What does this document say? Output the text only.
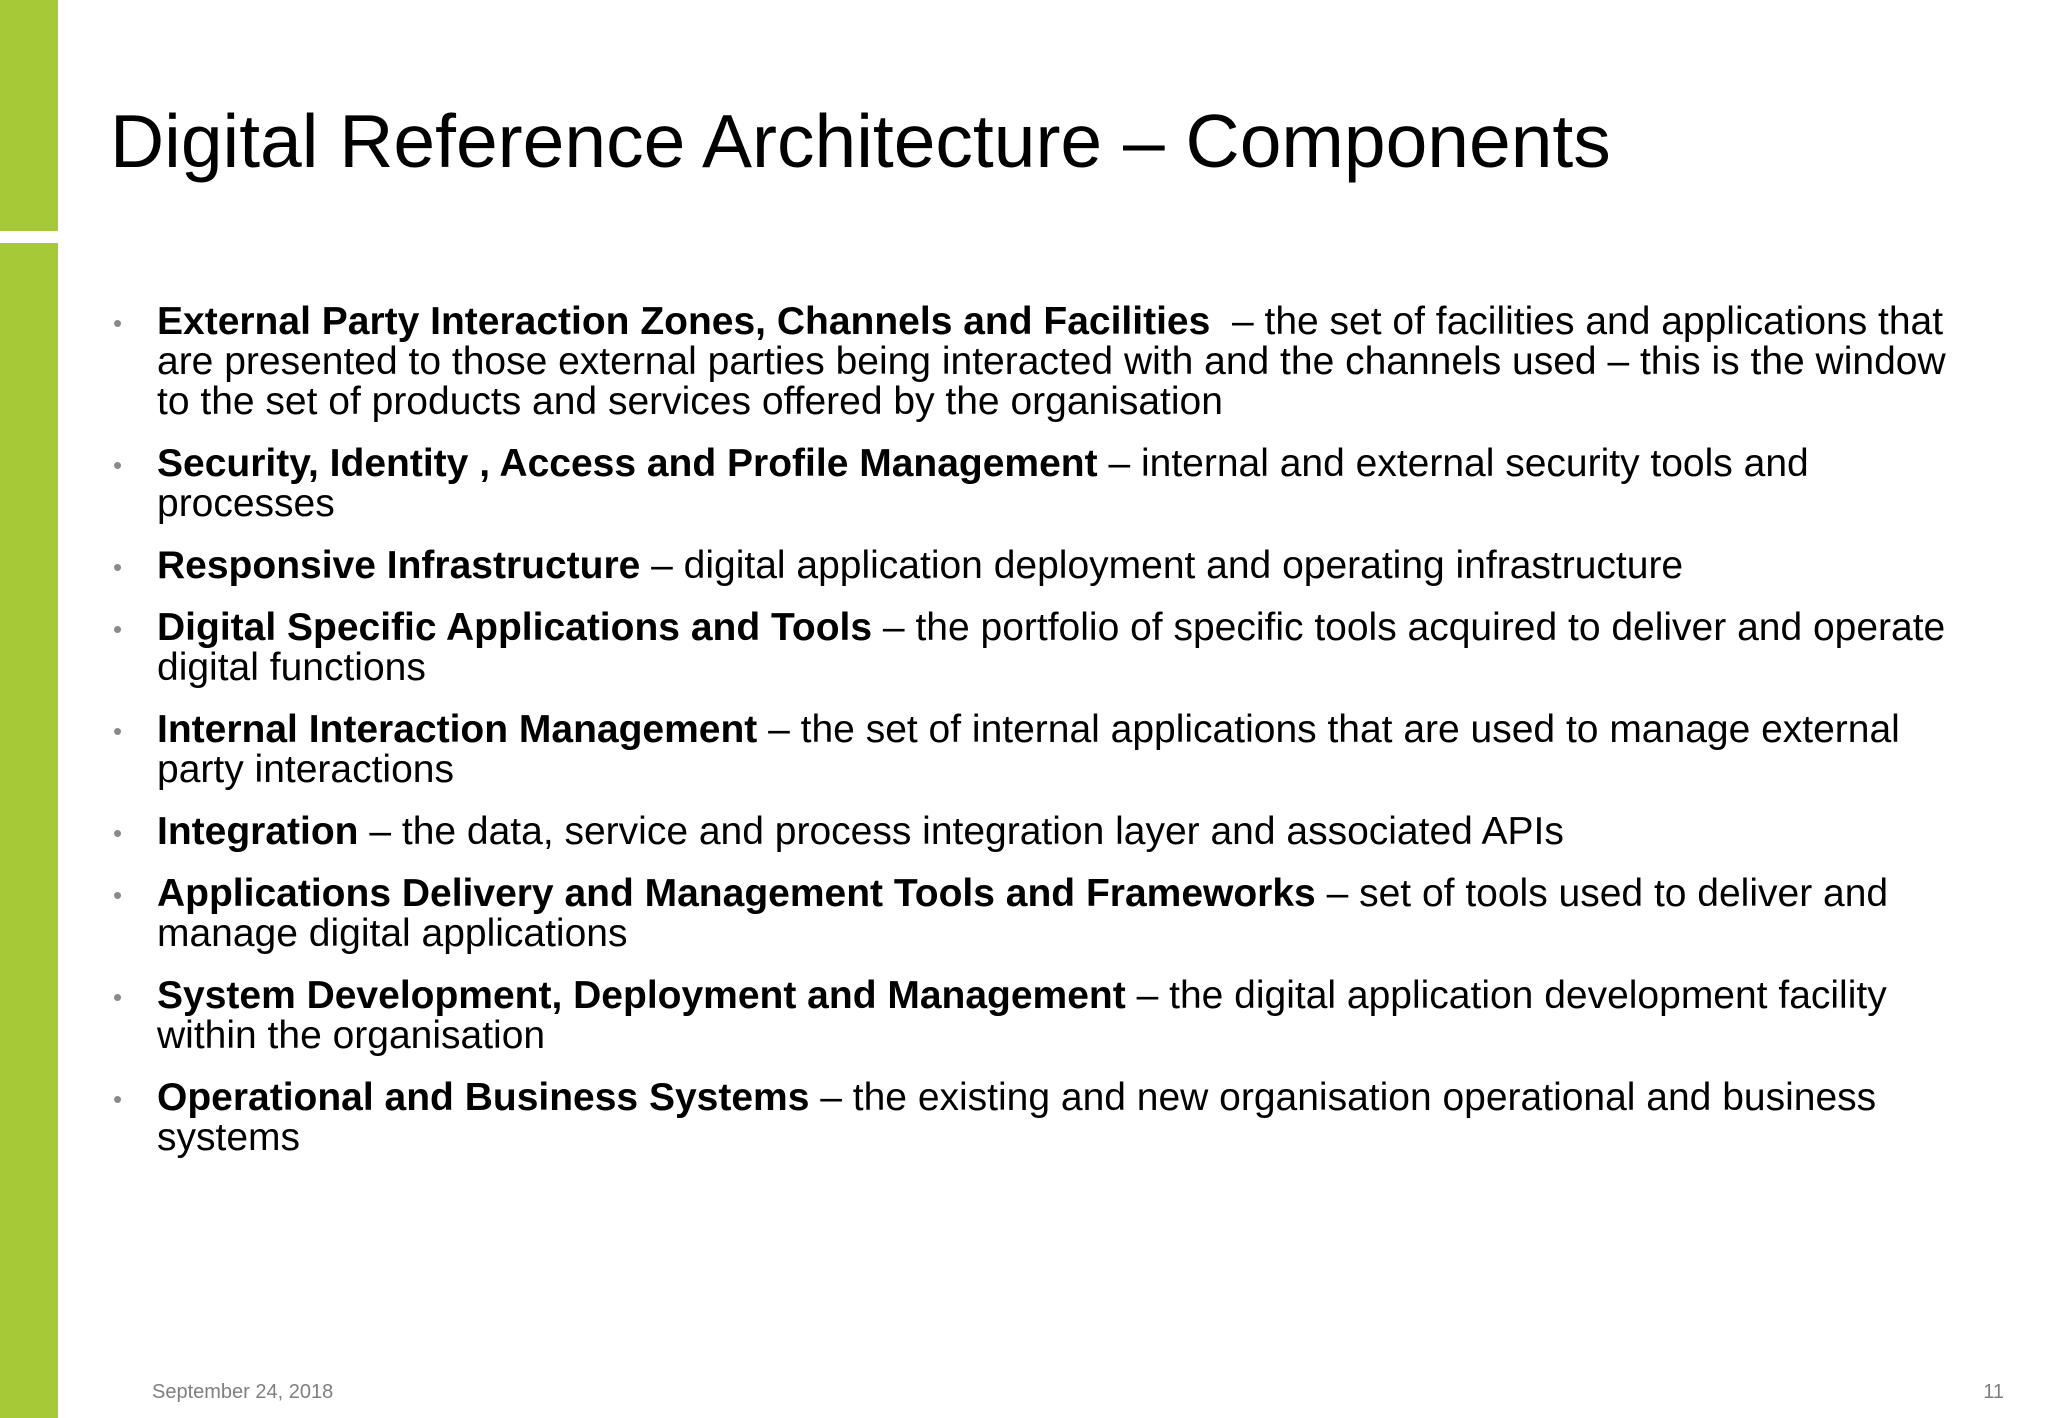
Digital Reference Architecture – Components
• External Party Interaction Zones, Channels and Facilities  – the set of facilities and applications that are presented to those external parties being interacted with and the channels used – this is the window to the set of products and services offered by the organisation
• Security, Identity , Access and Profile Management – internal and external security tools and processes
• Responsive Infrastructure – digital application deployment and operating infrastructure
• Digital Specific Applications and Tools – the portfolio of specific tools acquired to deliver and operate digital functions
• Internal Interaction Management – the set of internal applications that are used to manage external party interactions
• Integration – the data, service and process integration layer and associated APIs
• Applications Delivery and Management Tools and Frameworks – set of tools used to deliver and manage digital applications
• System Development, Deployment and Management – the digital application development facility within the organisation
• Operational and Business Systems – the existing and new organisation operational and business systems
September 24, 2018	11
